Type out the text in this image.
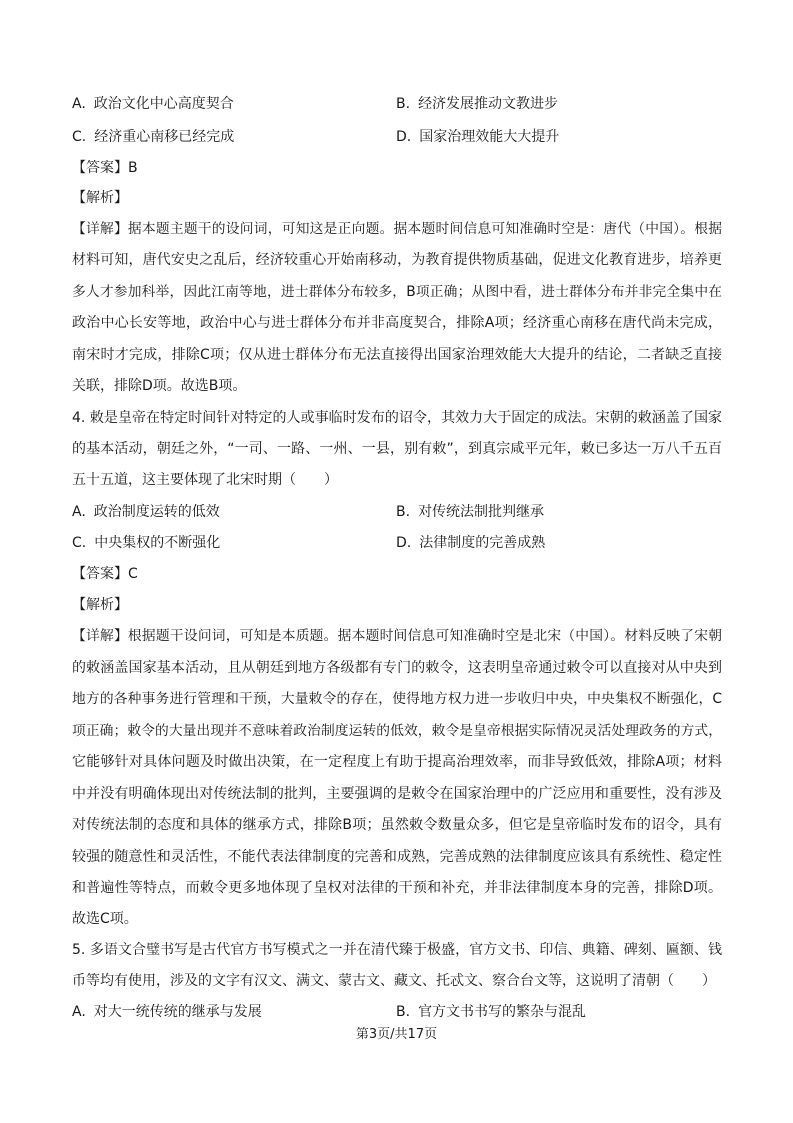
A. 政治文化中心高度契合	B. 经济发展推动文教进步
C. 经济重心南移已经完成	D. 国家治理效能大大提升
【答案】B
【解析】
【详解】据本题主题干的设问词，可知这是正向题。据本题时间信息可知准确时空是：唐代（中国）。根据
材料可知，唐代安史之乱后，经济较重心开始南移动，为教育提供物质基础，促进文化教育进步，培养更
多人才参加科举，因此江南等地，进士群体分布较多，B项正确；从图中看，进士群体分布并非完全集中在
政治中心长安等地，政治中心与进士群体分布并非高度契合，排除A项；经济重心南移在唐代尚未完成，
南宋时才完成，排除C项；仅从进士群体分布无法直接得出国家治理效能大大提升的结论，二者缺乏直接
关联，排除D项。故选B项。
4. 敕是皇帝在特定时间针对特定的人或事临时发布的诏令，其效力大于固定的成法。宋朝的敕涵盖了国家
的基本活动，朝廷之外，“一司、一路、一州、一县，别有敕”，到真宗咸平元年，敕已多达一万八千五百
五十五道，这主要体现了北宋时期（　　）
A. 政治制度运转的低效	B. 对传统法制批判继承
C. 中央集权的不断强化	D. 法律制度的完善成熟
【答案】C
【解析】
【详解】根据题干设问词，可知是本质题。据本题时间信息可知准确时空是北宋（中国）。材料反映了宋朝
的敕涵盖国家基本活动，且从朝廷到地方各级都有专门的敕令，这表明皇帝通过敕令可以直接对从中央到
地方的各种事务进行管理和干预，大量敕令的存在，使得地方权力进一步收归中央，中央集权不断强化，C
项正确；敕令的大量出现并不意味着政治制度运转的低效，敕令是皇帝根据实际情况灵活处理政务的方式，
它能够针对具体问题及时做出决策，在一定程度上有助于提高治理效率，而非导致低效，排除A项；材料
中并没有明确体现出对传统法制的批判，主要强调的是敕令在国家治理中的广泛应用和重要性，没有涉及
对传统法制的态度和具体的继承方式，排除B项；虽然敕令数量众多，但它是皇帝临时发布的诏令，具有
较强的随意性和灵活性，不能代表法律制度的完善和成熟，完善成熟的法律制度应该具有系统性、稳定性
和普遍性等特点，而敕令更多地体现了皇权对法律的干预和补充，并非法律制度本身的完善，排除D项。
故选C项。
5. 多语文合璧书写是古代官方书写模式之一并在清代臻于极盛，官方文书、印信、典籍、碑刻、匾额、钱
币等均有使用，涉及的文字有汉文、满文、蒙古文、藏文、托忒文、察合台文等，这说明了清朝（　　）
A. 对大一统传统的继承与发展	B. 官方文书书写的繁杂与混乱
第3页/共17页
